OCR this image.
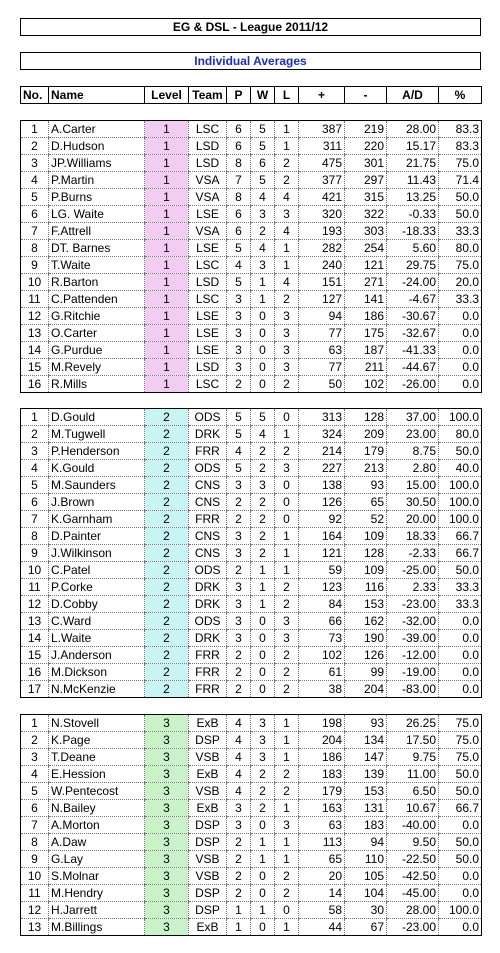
EG & DSL - League 2011/12
Individual Averages
No.	Name	Level	Team	P	W	L	+	-	A/D	%
1	A.Carter	1	LSC	6	5	1	387	219	28.00	83.3
2	D.Hudson	1	LSD	6	5	1	311	220	15.17	83.3
3	JP.Williams	1	LSD	8	6	2	475	301	21.75	75.0
4	P.Martin	1	VSA	7	5	2	377	297	11.43	71.4
5	P.Burns	1	VSA	8	4	4	421	315	13.25	50.0
6	LG. Waite	1	LSE	6	3	3	320	322	-0.33	50.0
7	F.Attrell	1	VSA	6	2	4	193	303	-18.33	33.3
8	DT. Barnes	1	LSE	5	4	1	282	254	5.60	80.0
9	T.Waite	1	LSC	4	3	1	240	121	29.75	75.0
10	R.Barton	1	LSD	5	1	4	151	271	-24.00	20.0
11	C.Pattenden	1	LSC	3	1	2	127	141	-4.67	33.3
12	G.Ritchie	1	LSE	3	0	3	94	186	-30.67	0.0
13	O.Carter	1	LSE	3	0	3	77	175	-32.67	0.0
14	G.Purdue	1	LSE	3	0	3	63	187	-41.33	0.0
15	M.Revely	1	LSD	3	0	3	77	211	-44.67	0.0
16	R.Mills	1	LSC	2	0	2	50	102	-26.00	0.0
1	D.Gould	2	ODS	5	5	0	313	128	37.00	100.0
2	M.Tugwell	2	DRK	5	4	1	324	209	23.00	80.0
3	P.Henderson	2	FRR	4	2	2	214	179	8.75	50.0
4	K.Gould	2	ODS	5	2	3	227	213	2.80	40.0
5	M.Saunders	2	CNS	3	3	0	138	93	15.00	100.0
6	J.Brown	2	CNS	2	2	0	126	65	30.50	100.0
7	K.Garnham	2	FRR	2	2	0	92	52	20.00	100.0
8	D.Painter	2	CNS	3	2	1	164	109	18.33	66.7
9	J.Wilkinson	2	CNS	3	2	1	121	128	-2.33	66.7
10	C.Patel	2	ODS	2	1	1	59	109	-25.00	50.0
11	P.Corke	2	DRK	3	1	2	123	116	2.33	33.3
12	D.Cobby	2	DRK	3	1	2	84	153	-23.00	33.3
13	C.Ward	2	ODS	3	0	3	66	162	-32.00	0.0
14	L.Waite	2	DRK	3	0	3	73	190	-39.00	0.0
15	J.Anderson	2	FRR	2	0	2	102	126	-12.00	0.0
16	M.Dickson	2	FRR	2	0	2	61	99	-19.00	0.0
17	N.McKenzie	2	FRR	2	0	2	38	204	-83.00	0.0
1	N.Stovell	3	ExB	4	3	1	198	93	26.25	75.0
2	K.Page	3	DSP	4	3	1	204	134	17.50	75.0
3	T.Deane	3	VSB	4	3	1	186	147	9.75	75.0
4	E.Hession	3	ExB	4	2	2	183	139	11.00	50.0
5	W.Pentecost	3	VSB	4	2	2	179	153	6.50	50.0
6	N.Bailey	3	ExB	3	2	1	163	131	10.67	66.7
7	A.Morton	3	DSP	3	0	3	63	183	-40.00	0.0
8	A.Daw	3	DSP	2	1	1	113	94	9.50	50.0
9	G.Lay	3	VSB	2	1	1	65	110	-22.50	50.0
10	S.Molnar	3	VSB	2	0	2	20	105	-42.50	0.0
11	M.Hendry	3	DSP	2	0	2	14	104	-45.00	0.0
12	H.Jarrett	3	DSP	1	1	0	58	30	28.00	100.0
13	M.Billings	3	ExB	1	0	1	44	67	-23.00	0.0
